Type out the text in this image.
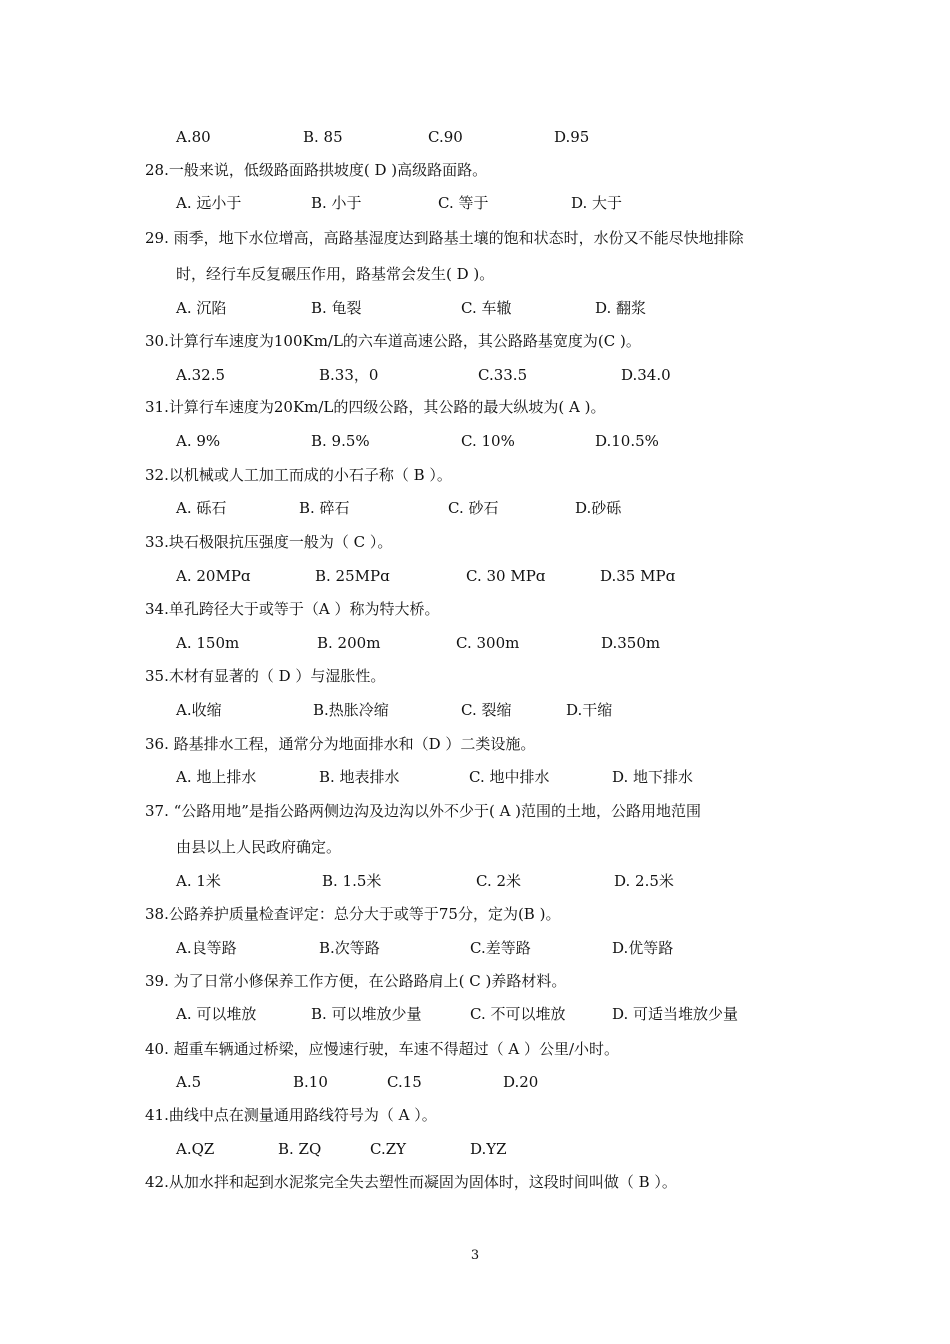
A.80	B. 85	C.90	D.95
28.一般来说，低级路面路拱坡度( D )高级路面路。
A. 远小于	B. 小于	C. 等于	D. 大于
29. 雨季，地下水位增高，高路基湿度达到路基土壤的饱和状态时，水份又不能尽快地排除
时，经行车反复碾压作用，路基常会发生( D )。
A. 沉陷	B. 龟裂	C. 车辙	D. 翻浆
30.计算行车速度为100Km/L的六车道高速公路，其公路路基宽度为(C )。
A.32.5	B.33，0	C.33.5	D.34.0
31.计算行车速度为20Km/L的四级公路，其公路的最大纵坡为( A )。
A. 9%	B. 9.5%	C. 10%	D.10.5%
32.以机械或人工加工而成的小石子称（ B ）。
A. 砾石	B. 碎石	C. 砂石	D.砂砾
33.块石极限抗压强度一般为（ C ）。
A. 20MPɑ	B. 25MPɑ	C. 30 MPɑ	D.35 MPɑ
34.单孔跨径大于或等于（A ）称为特大桥。
A. 150m	B. 200m	C. 300m	D.350m
35.木材有显著的（ D ）与湿胀性。
A.收缩	B.热胀冷缩	C. 裂缩	D.干缩
36. 路基排水工程，通常分为地面排水和（D ）二类设施。
A. 地上排水	B. 地表排水	C. 地中排水	D. 地下排水
37. “公路用地”是指公路两侧边沟及边沟以外不少于( A )范围的土地，公路用地范围
由县以上人民政府确定。
A. 1米	B. 1.5米	C. 2米	D. 2.5米
38.公路养护质量检查评定：总分大于或等于75分，定为(B )。
A.良等路	B.次等路	C.差等路	D.优等路
39. 为了日常小修保养工作方便，在公路路肩上( C )养路材料。
A. 可以堆放	B. 可以堆放少量	C. 不可以堆放	D. 可适当堆放少量
40. 超重车辆通过桥梁，应慢速行驶，车速不得超过（ A ）公里/小时。
A.5	B.10	C.15	D.20
41.曲线中点在测量通用路线符号为（ A ）。
A.QZ	B. ZQ	C.ZY	D.YZ
42.从加水拌和起到水泥浆完全失去塑性而凝固为固体时，这段时间叫做（ B ）。
3
